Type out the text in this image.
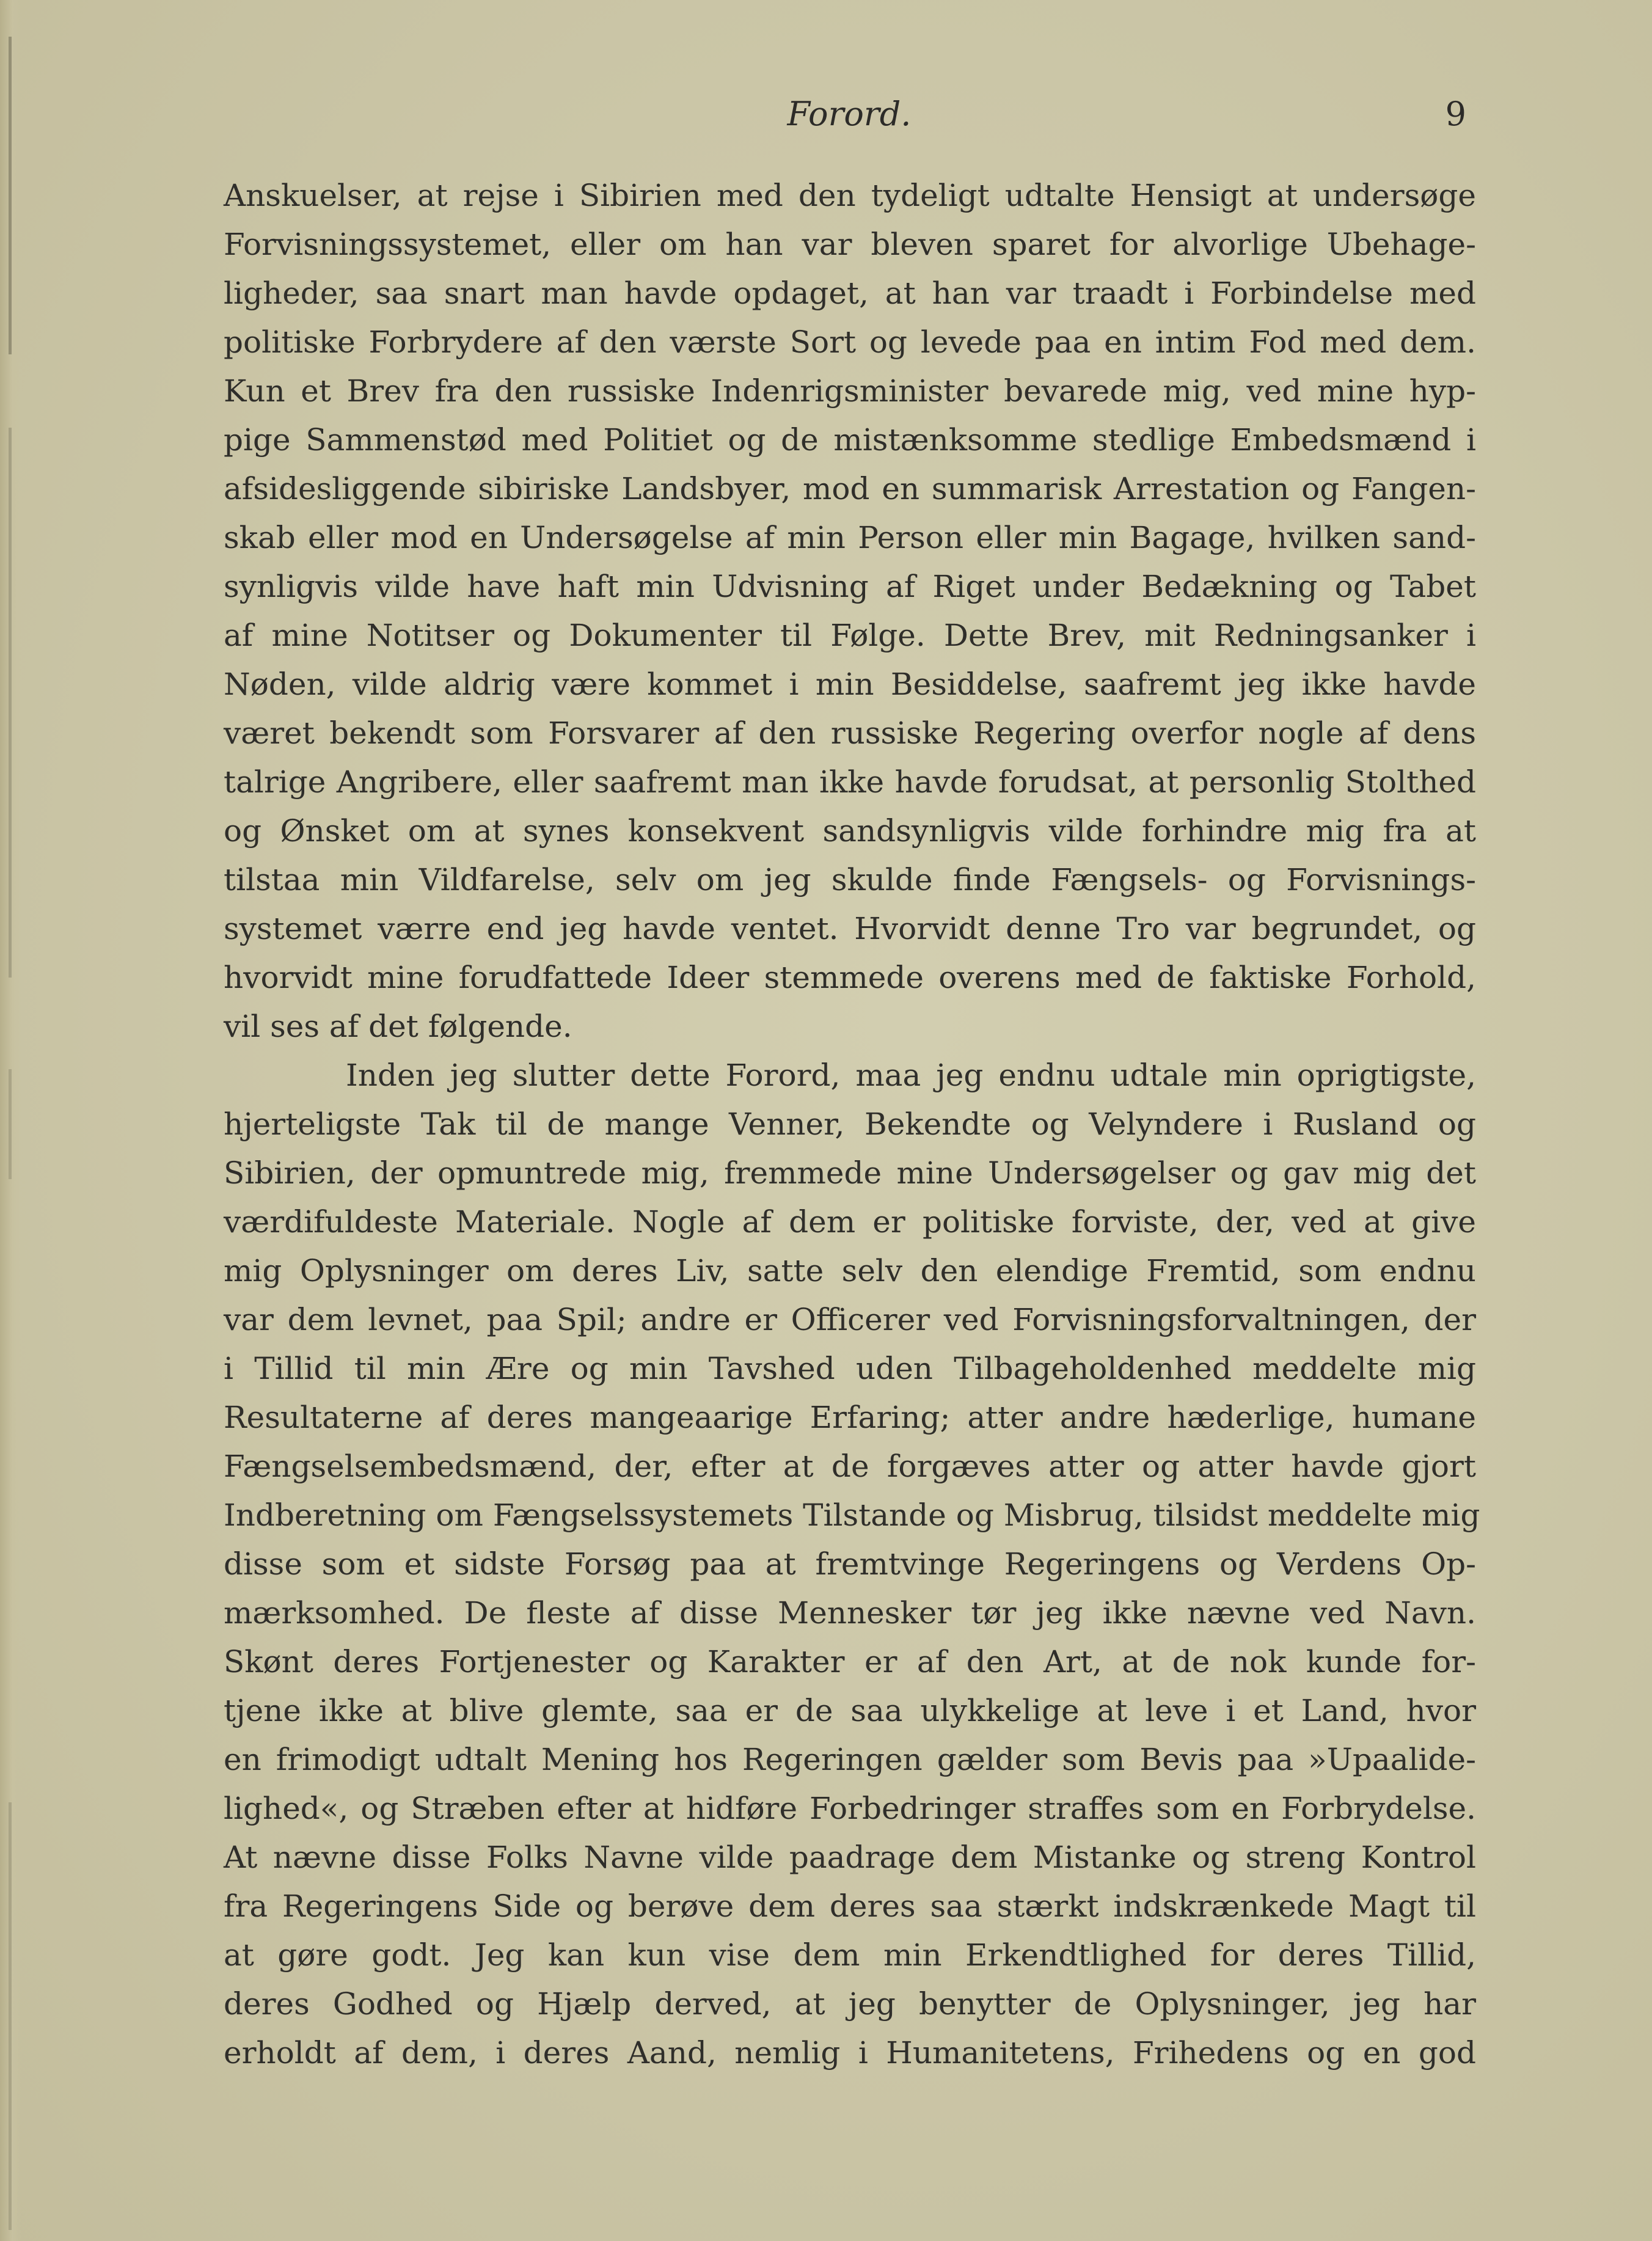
Forord.	9
Anskuelser, at rejse i Sibirien med den tydeligt udtalte Hensigt at undersøge
Forvisningssystemet, eller om han var bleven sparet for alvorlige Ubehage-
ligheder, saa snart man havde opdaget, at han var traadt i Forbindelse med
politiske Forbrydere af den værste Sort og levede paa en intim Fod med dem.
Kun et Brev fra den russiske Indenrigsminister bevarede mig, ved mine hyp-
pige Sammenstød med Politiet og de mistænksomme stedlige Embedsmænd i
afsidesliggende sibiriske Landsbyer, mod en summarisk Arrestation og Fangen-
skab eller mod en Undersøgelse af min Person eller min Bagage, hvilken sand-
synligvis vilde have haft min Udvisning af Riget under Bedækning og Tabet
af mine Notitser og Dokumenter til Følge. Dette Brev, mit Redningsanker i
Nøden, vilde aldrig være kommet i min Besiddelse, saafremt jeg ikke havde
været bekendt som Forsvarer af den russiske Regering overfor nogle af dens
talrige Angribere, eller saafremt man ikke havde forudsat, at personlig Stolthed
og Ønsket om at synes konsekvent sandsynligvis vilde forhindre mig fra at
tilstaa min Vildfarelse, selv om jeg skulde finde Fængsels- og Forvisnings-
systemet værre end jeg havde ventet. Hvorvidt denne Tro var begrundet, og
hvorvidt mine forudfattede Ideer stemmede overens med de faktiske Forhold,
vil ses af det følgende.
Inden jeg slutter dette Forord, maa jeg endnu udtale min oprigtigste,
hjerteligste Tak til de mange Venner, Bekendte og Velyndere i Rusland og
Sibirien, der opmuntrede mig, fremmede mine Undersøgelser og gav mig det
værdifuldeste Materiale. Nogle af dem er politiske forviste, der, ved at give
mig Oplysninger om deres Liv, satte selv den elendige Fremtid, som endnu
var dem levnet, paa Spil; andre er Officerer ved Forvisningsforvaltningen, der
i Tillid til min Ære og min Tavshed uden Tilbageholdenhed meddelte mig
Resultaterne af deres mangeaarige Erfaring; atter andre hæderlige, humane
Fængselsembedsmænd, der, efter at de forgæves atter og atter havde gjort
Indberetning om Fængselssystemets Tilstande og Misbrug, tilsidst meddelte mig
disse som et sidste Forsøg paa at fremtvinge Regeringens og Verdens Op-
mærksomhed. De fleste af disse Mennesker tør jeg ikke nævne ved Navn.
Skønt deres Fortjenester og Karakter er af den Art, at de nok kunde for-
tjene ikke at blive glemte, saa er de saa ulykkelige at leve i et Land, hvor
en frimodigt udtalt Mening hos Regeringen gælder som Bevis paa »Upaalide-
lighed«, og Stræben efter at hidføre Forbedringer straffes som en Forbrydelse.
At nævne disse Folks Navne vilde paadrage dem Mistanke og streng Kontrol
fra Regeringens Side og berøve dem deres saa stærkt indskrænkede Magt til
at gøre godt. Jeg kan kun vise dem min Erkendtlighed for deres Tillid,
deres Godhed og Hjælp derved, at jeg benytter de Oplysninger, jeg har
erholdt af dem, i deres Aand, nemlig i Humanitetens, Frihedens og en god
